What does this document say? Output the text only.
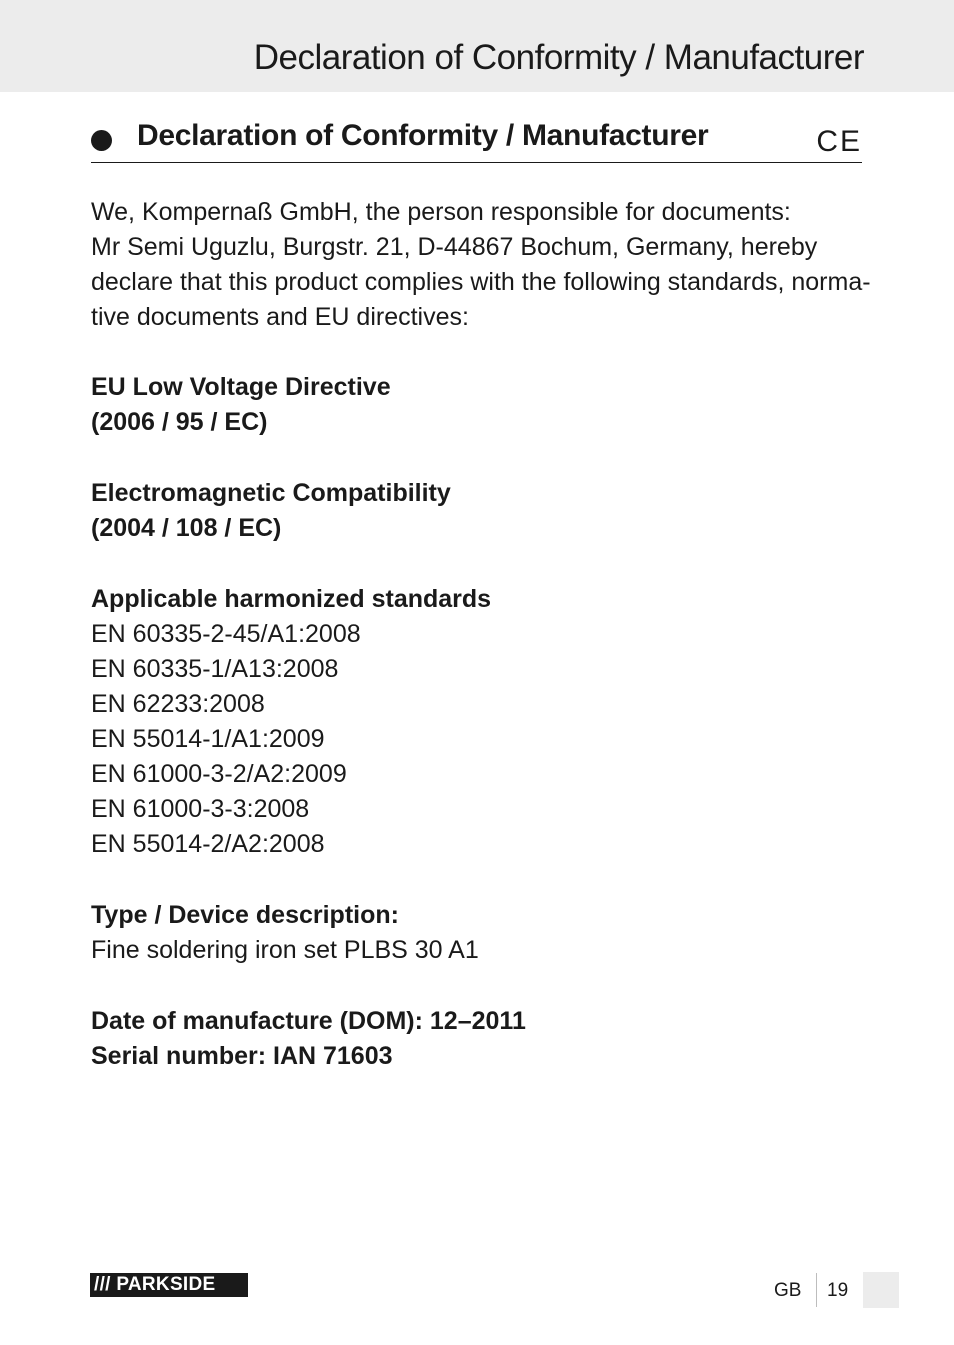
Declaration of Conformity / Manufacturer
Declaration of Conformity / Manufacturer	CE
We, Kompernaß GmbH, the person responsible for documents:
Mr Semi Uguzlu, Burgstr. 21, D-44867 Bochum, Germany, hereby
declare that this product complies with the following standards, norma-
tive documents and EU directives:
EU Low Voltage Directive
(2006 / 95 / EC)
Electromagnetic Compatibility
(2004 / 108 / EC)
Applicable harmonized standards
EN 60335-2-45/A1:2008
EN 60335-1/A13:2008
EN 62233:2008
EN 55014-1/A1:2009
EN 61000-3-2/A2:2009
EN 61000-3-3:2008
EN 55014-2/A2:2008
Type / Device description:
Fine soldering iron set PLBS 30 A1
Date of manufacture (DOM): 12–2011
Serial number: IAN 71603
/// PARKSIDE	GB 19
